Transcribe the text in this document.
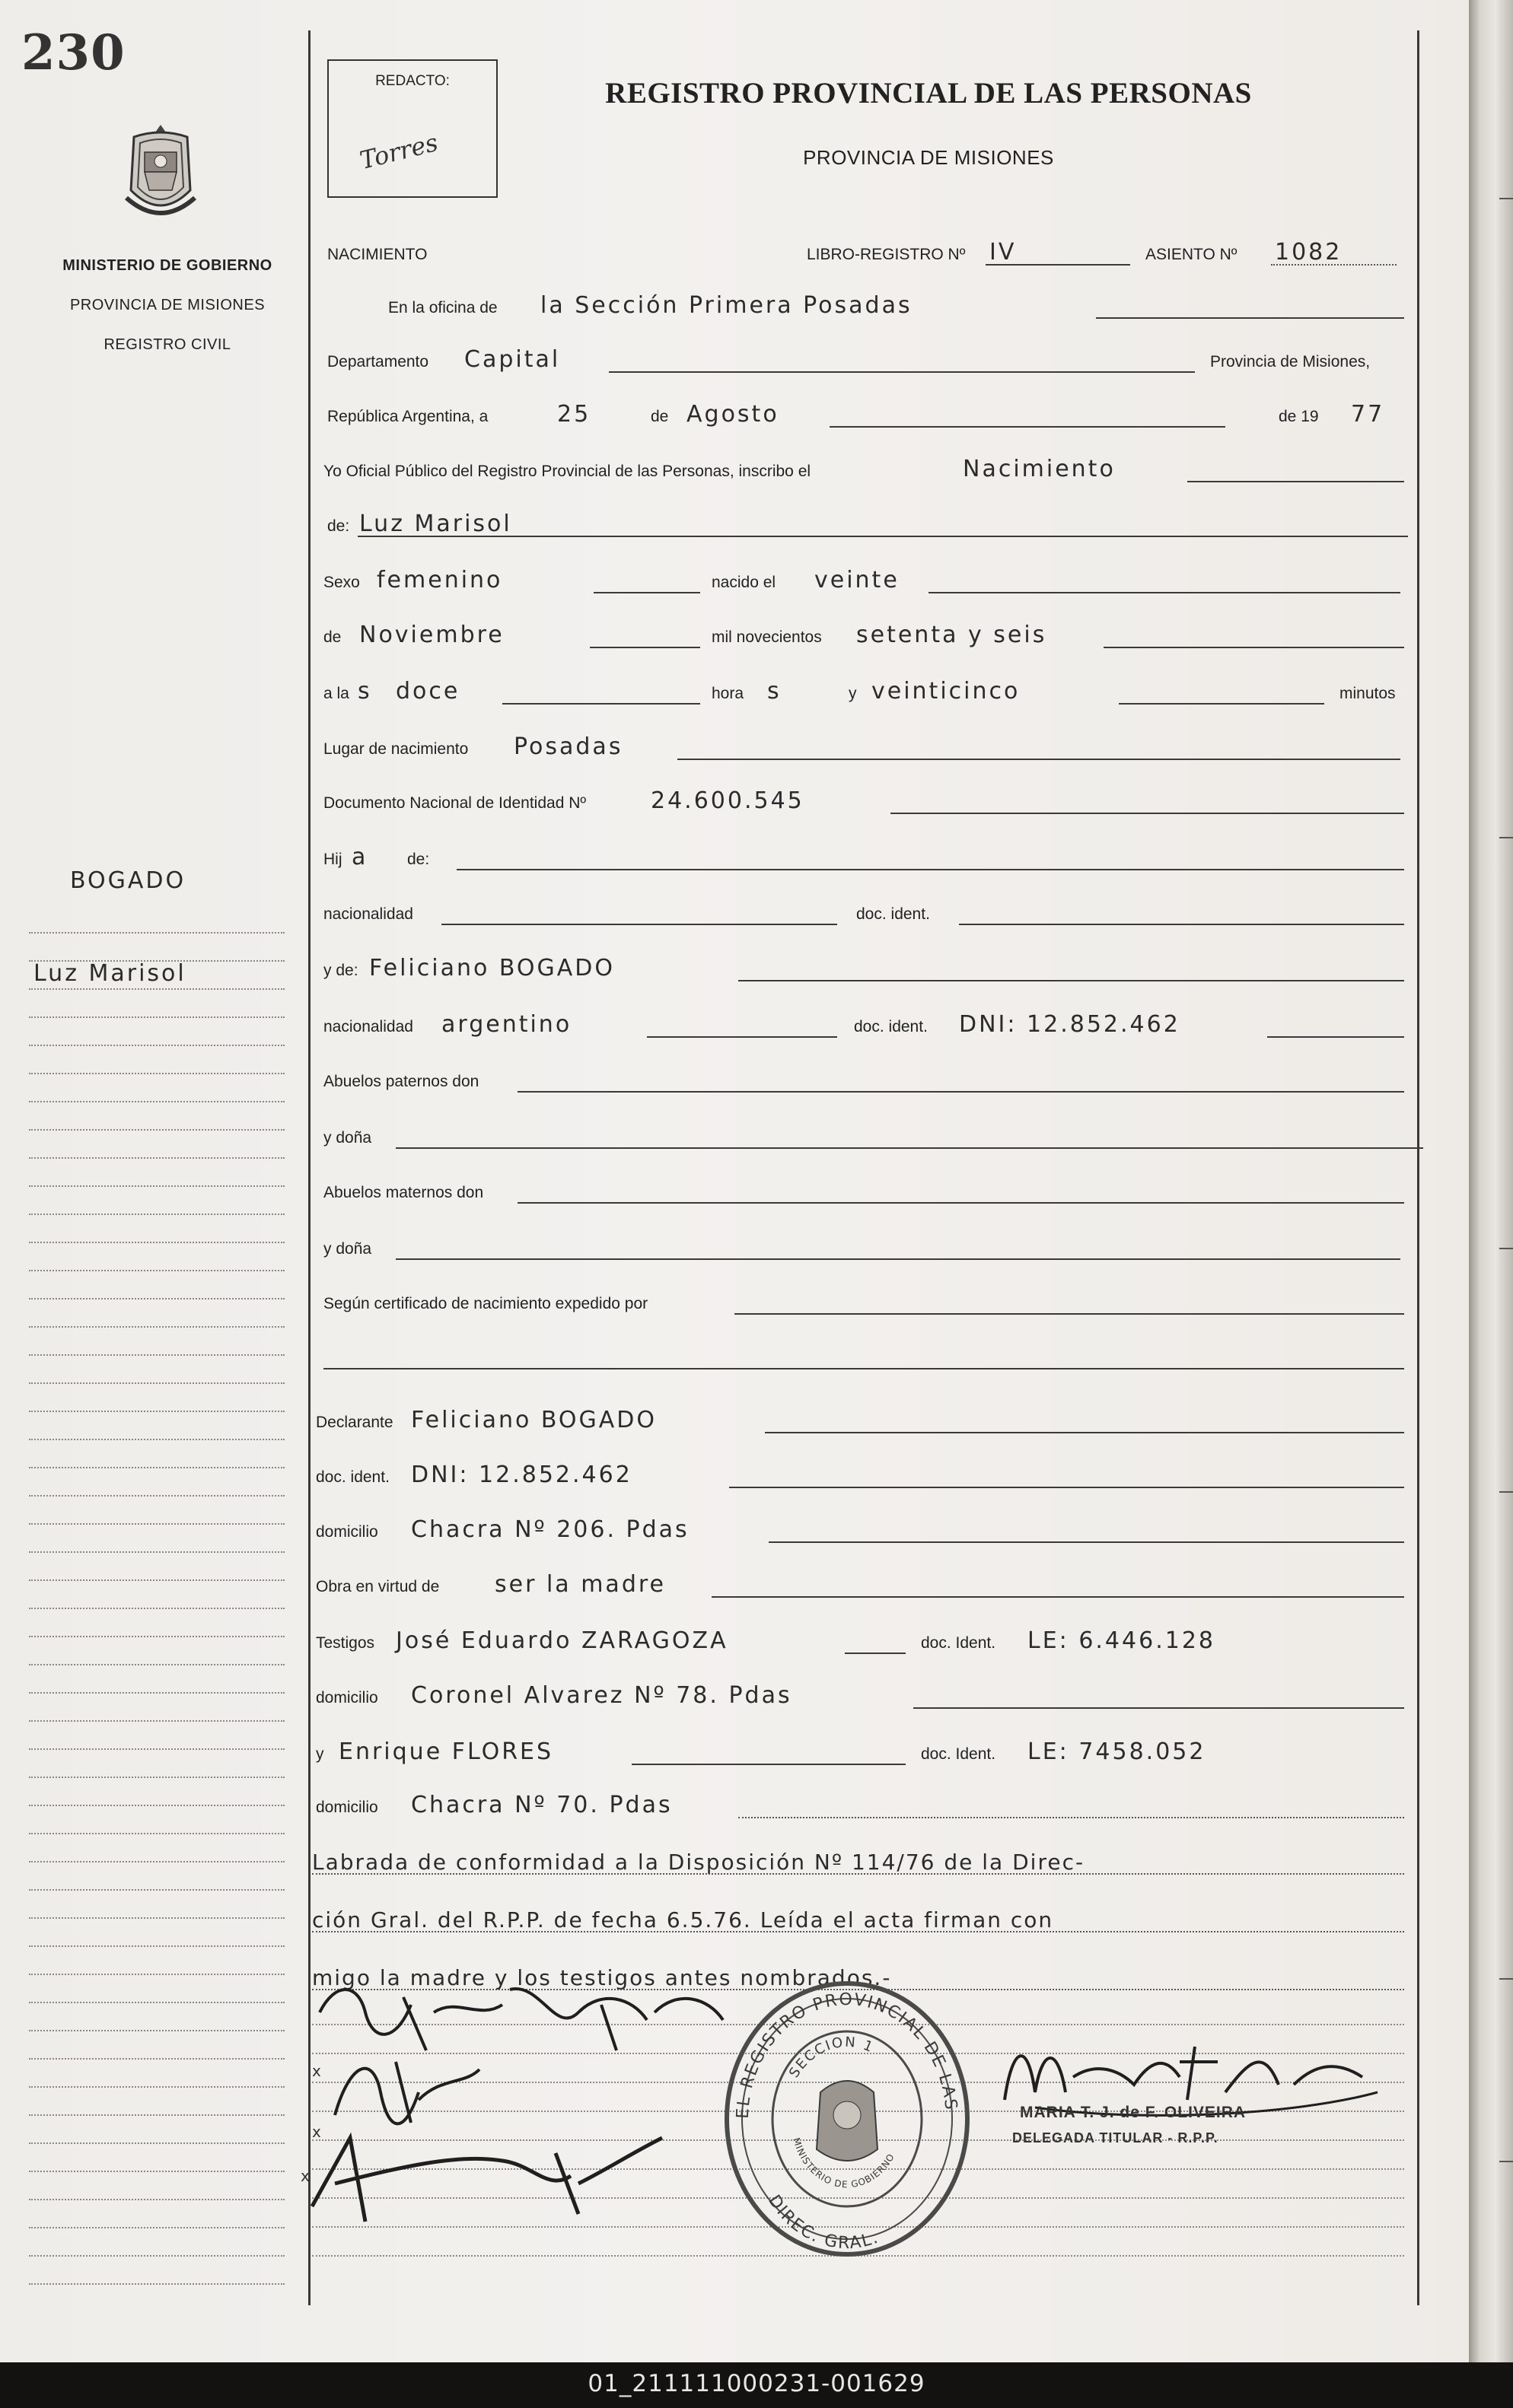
230
MINISTERIO DE GOBIERNO
PROVINCIA DE MISIONES
REGISTRO CIVIL
BOGADO
Luz Marisol
REDACTO:
Torres
REGISTRO PROVINCIAL DE LAS PERSONAS
PROVINCIA DE MISIONES
NACIMIENTO	LIBRO-REGISTRO Nº IV	ASIENTO Nº 1082
En la oficina de la Sección Primera Posadas
Departamento Capital	Provincia de Misiones,
República Argentina, a	25	de Agosto	de 19 77
Yo Oficial Público del Registro Provincial de las Personas, inscribo el	Nacimiento
de: Luz Marisol
Sexo femenino	nacido el veinte
de Noviembre	mil novecientos setenta y seis
a la s doce	hora s	y veinticinco	minutos
Lugar de nacimiento Posadas
Documento Nacional de Identidad Nº	24.600.545
Hij a de:
nacionalidad	doc. ident.
y de: Feliciano BOGADO
nacionalidad argentino	doc. ident. DNI: 12.852.462
Abuelos paternos don
y doña
Abuelos maternos don
y doña
Según certificado de nacimiento expedido por
Declarante Feliciano BOGADO
doc. ident. DNI: 12.852.462
domicilio Chacra Nº 206. Pdas
Obra en virtud de ser la madre
Testigos José Eduardo ZARAGOZA	doc. Ident. LE: 6.446.128
domicilio Coronel Alvarez Nº 78. Pdas
y Enrique FLORES	doc. Ident. LE: 7458.052
domicilio Chacra Nº 70. Pdas
Labrada de conformidad a la Disposición Nº 114/76 de la Direc-
ción Gral. del R.P.P. de fecha 6.5.76. Leída el acta firman con
migo la madre y los testigos antes nombrados.-
x
x
x
EL REGISTRO PROVINCIAL DE LAS
DIREC. GRAL.
SECCION 1
MINISTERIO DE GOBIERNO
MARIA T. J. de F. OLIVEIRA
DELEGADA TITULAR - R.P.P.
01_211111000231-001629
